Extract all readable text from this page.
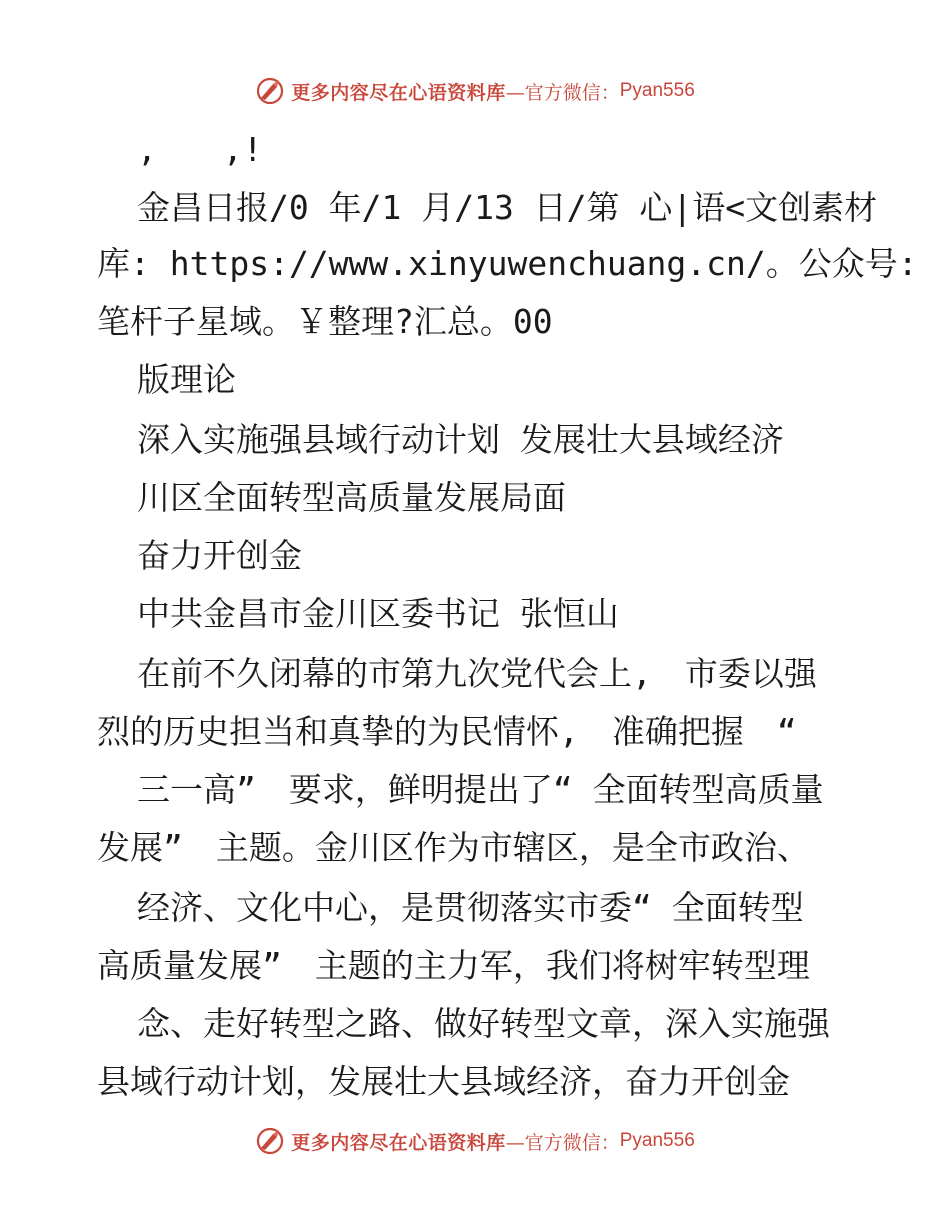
更多内容尽在心语资料库 —官方微信： Pyan556
,　　,!
金昌日报/0 年/1 月/13 日/第 心|语<文创素材
库: https://www.xinyuwenchuang.cn/。公众号:
笔杆子星域。￥整理?汇总。00
版理论
深入实施强县域行动计划 发展壮大县域经济
川区全面转型高质量发展局面
奋力开创金
中共金昌市金川区委书记 张恒山
在前不久闭幕的市第九次党代会上,　市委以强
烈的历史担当和真挚的为民情怀,　准确把握　“
三一高”　要求，鲜明提出了“ 全面转型高质量
发展”　主题。金川区作为市辖区，是全市政治、
经济、文化中心，是贯彻落实市委“ 全面转型
高质量发展”　主题的主力军，我们将树牢转型理
念、走好转型之路、做好转型文章，深入实施强
县域行动计划，发展壮大县域经济，奋力开创金
更多内容尽在心语资料库 —官方微信： Pyan556
